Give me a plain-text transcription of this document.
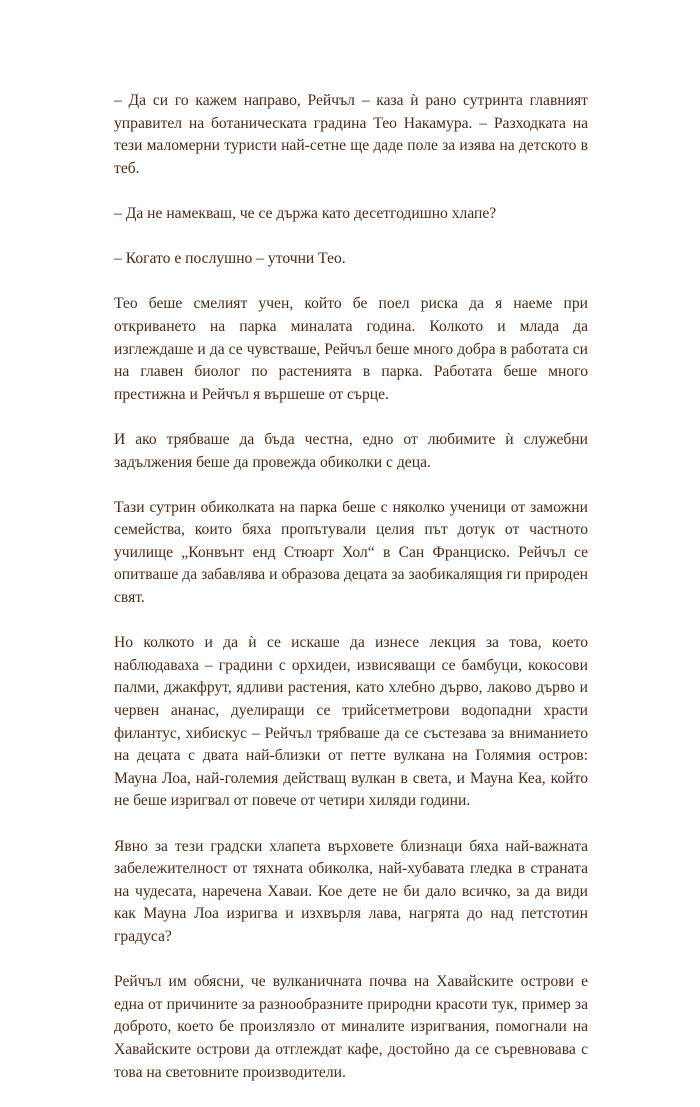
– Да си го кажем направо, Рейчъл – каза ѝ рано сутринта главният управител на ботаническата градина Тео Накамура. – Разходката на тези маломерни туристи най-сетне ще даде поле за изява на детското в теб.

– Да не намекваш, че се държа като десетгодишно хлапе?

– Когато е послушно – уточни Тео.

Тео беше смелият учен, който бе поел риска да я наеме при откриването на парка миналата година. Колкото и млада да изглеждаше и да се чувстваше, Рейчъл беше много добра в работата си на главен биолог по растенията в парка. Работата беше много престижна и Рейчъл я вършеше от сърце.

И ако трябваше да бъда честна, едно от любимите ѝ служебни задължения беше да провежда обиколки с деца.

Тази сутрин обиколката на парка беше с няколко ученици от заможни семейства, които бяха пропътували целия път дотук от частното училище „Конвънт енд Стюарт Хол“ в Сан Франциско. Рейчъл се опитваше да забавлява и образова децата за заобикалящия ги природен свят.

Но колкото и да ѝ се искаше да изнесе лекция за това, което наблюдаваха – градини с орхидеи, извисяващи се бамбуци, кокосови палми, джакфрут, ядливи растения, като хлебно дърво, лаково дърво и червен ананас, дуелиращи се трийсетметрови водопадни храсти филантус, хибискус – Рейчъл трябваше да се състезава за вниманието на децата с двата най-близки от петте вулкана на Голямия остров: Мауна Лоа, най-големия действащ вулкан в света, и Мауна Кеа, който не беше изригвал от повече от четири хиляди години.

Явно за тези градски хлапета върховете близнаци бяха най-важната забележителност от тяхната обиколка, най-хубавата гледка в страната на чудесата, наречена Хаваи. Кое дете не би дало всичко, за да види как Мауна Лоа изригва и изхвърля лава, нагрята до над петстотин градуса?

Рейчъл им обясни, че вулканичната почва на Хавайските острови е една от причините за разнообразните природни красоти тук, пример за доброто, което бе произлязло от миналите изригвания, помогнали на Хавайските острови да отглеждат кафе, достойно да се съревновава с това на световните производители.
